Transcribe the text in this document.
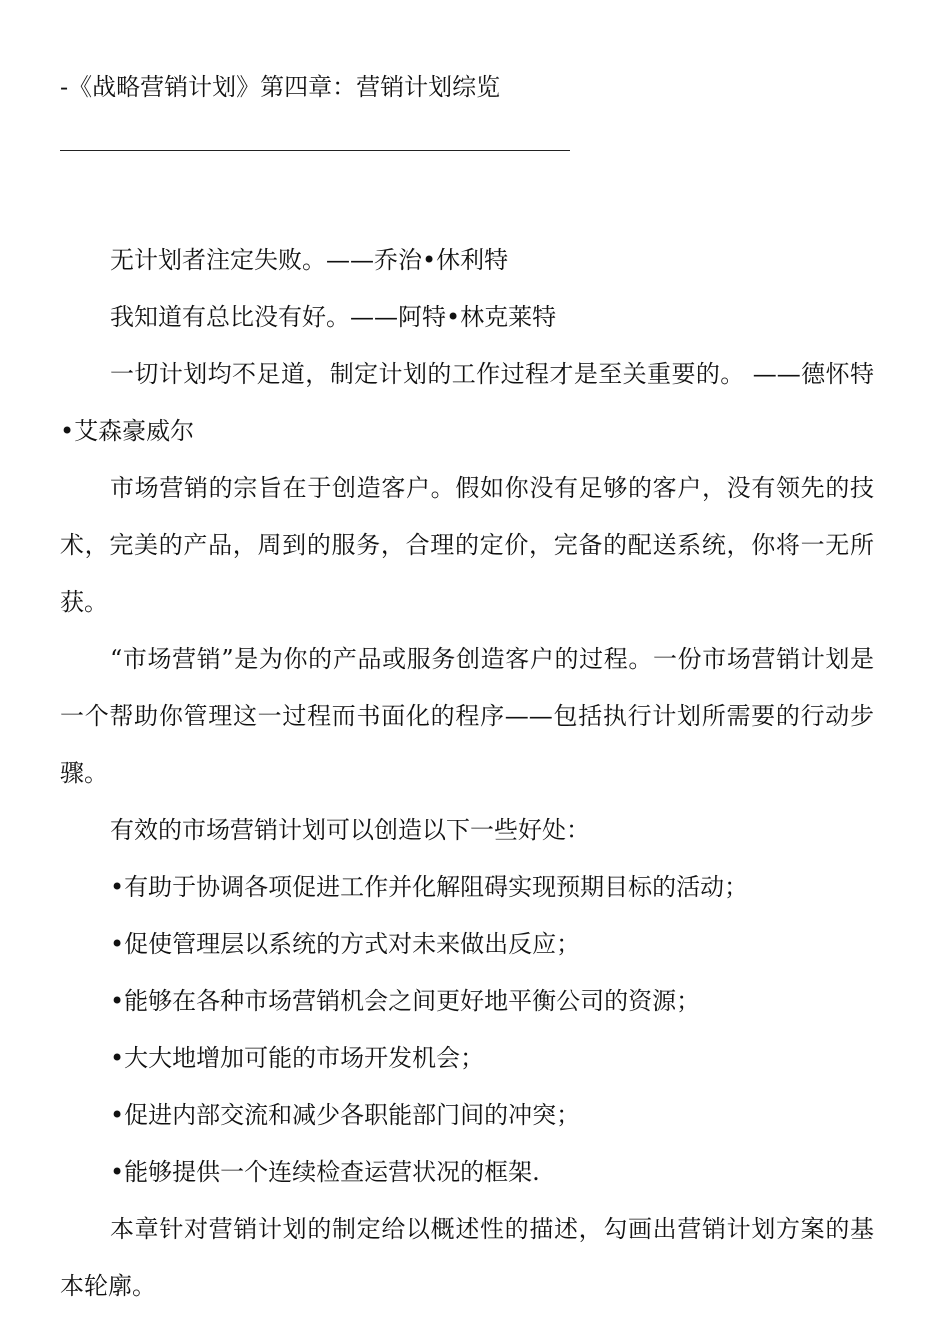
-《战略营销计划》第四章：营销计划综览

无计划者注定失败。——乔治•休利特

我知道有总比没有好。——阿特•林克莱特

一切计划均不足道，制定计划的工作过程才是至关重要的。 ——德怀特•艾森豪威尔

市场营销的宗旨在于创造客户。假如你没有足够的客户，没有领先的技术，完美的产品，周到的服务，合理的定价，完备的配送系统，你将一无所获。

“市场营销”是为你的产品或服务创造客户的过程。一份市场营销计划是一个帮助你管理这一过程而书面化的程序——包括执行计划所需要的行动步骤。

有效的市场营销计划可以创造以下一些好处：

•有助于协调各项促进工作并化解阻碍实现预期目标的活动；

•促使管理层以系统的方式对未来做出反应；

•能够在各种市场营销机会之间更好地平衡公司的资源；

•大大地增加可能的市场开发机会；

•促进内部交流和减少各职能部门间的冲突；

•能够提供一个连续检查运营状况的框架.

本章针对营销计划的制定给以概述性的描述，勾画出营销计划方案的基本轮廓。
